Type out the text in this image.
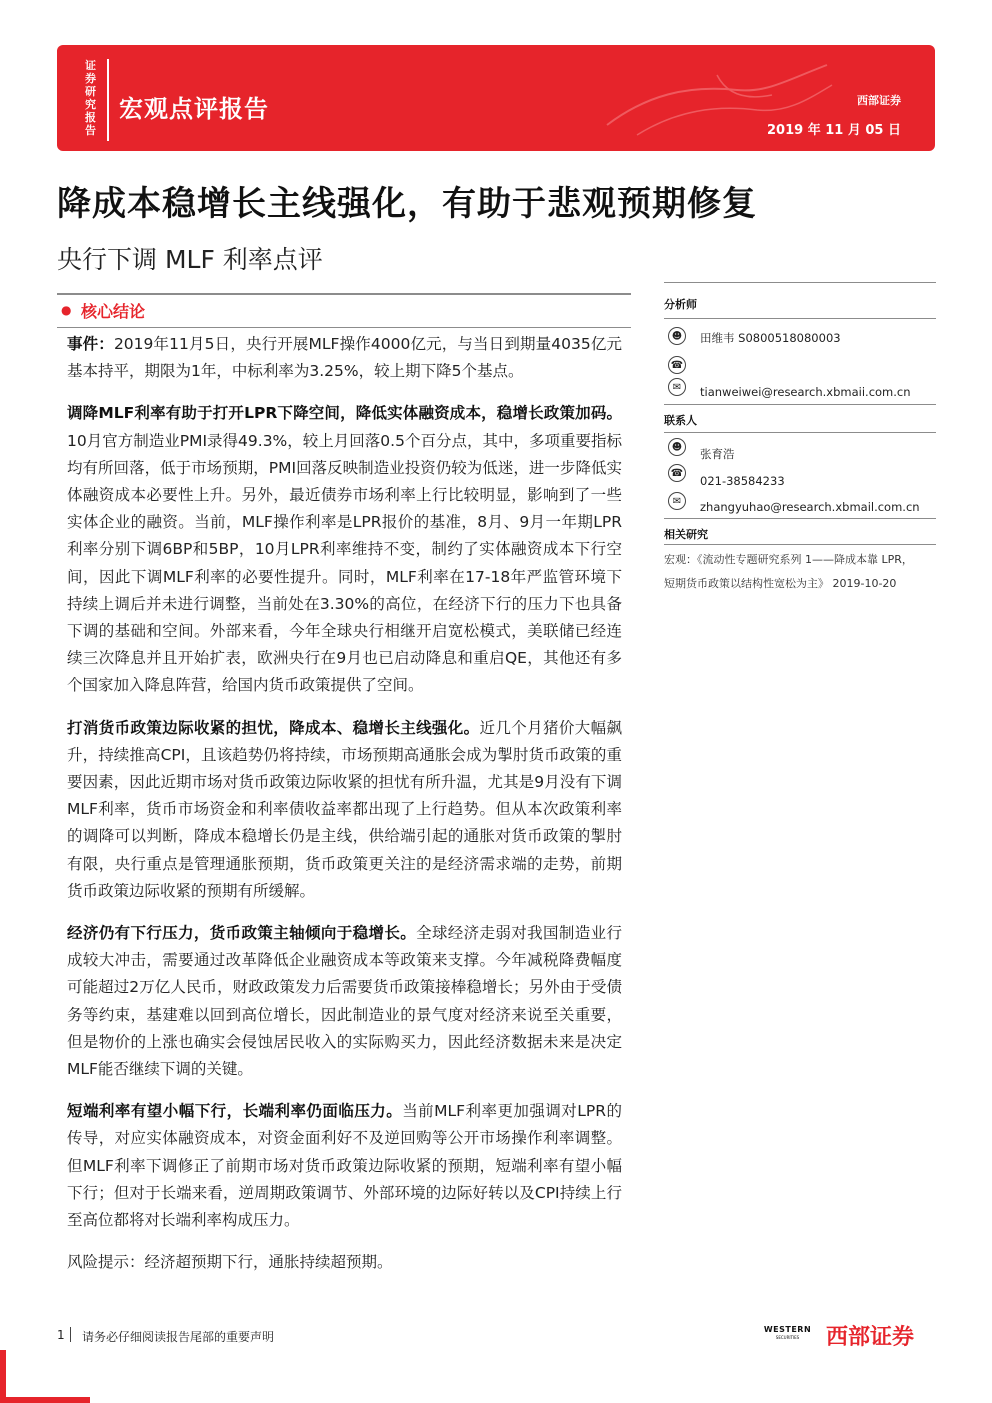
证券研究报告
宏观点评报告	西部证券
2019 年 11 月 05 日
降成本稳增长主线强化，有助于悲观预期修复
央行下调 MLF 利率点评
● 核心结论

事件：2019年11月5日，央行开展MLF操作4000亿元，与当日到期量4035亿元基本持平，期限为1年，中标利率为3.25%，较上期下降5个基点。

调降MLF利率有助于打开LPR下降空间，降低实体融资成本，稳增长政策加码。10月官方制造业PMI录得49.3%，较上月回落0.5个百分点，其中，多项重要指标均有所回落，低于市场预期，PMI回落反映制造业投资仍较为低迷，进一步降低实体融资成本必要性上升。另外，最近债券市场利率上行比较明显，影响到了一些实体企业的融资。当前，MLF操作利率是LPR报价的基准，8月、9月一年期LPR利率分别下调6BP和5BP，10月LPR利率维持不变，制约了实体融资成本下行空间，因此下调MLF利率的必要性提升。同时，MLF利率在17-18年严监管环境下持续上调后并未进行调整，当前处在3.30%的高位，在经济下行的压力下也具备下调的基础和空间。外部来看，今年全球央行相继开启宽松模式，美联储已经连续三次降息并且开始扩表，欧洲央行在9月也已启动降息和重启QE，其他还有多个国家加入降息阵营，给国内货币政策提供了空间。

打消货币政策边际收紧的担忧，降成本、稳增长主线强化。近几个月猪价大幅飙升，持续推高CPI，且该趋势仍将持续，市场预期高通胀会成为掣肘货币政策的重要因素，因此近期市场对货币政策边际收紧的担忧有所升温，尤其是9月没有下调MLF利率，货币市场资金和利率债收益率都出现了上行趋势。但从本次政策利率的调降可以判断，降成本稳增长仍是主线，供给端引起的通胀对货币政策的掣肘有限，央行重点是管理通胀预期，货币政策更关注的是经济需求端的走势，前期货币政策边际收紧的预期有所缓解。

经济仍有下行压力，货币政策主轴倾向于稳增长。全球经济走弱对我国制造业行成较大冲击，需要通过改革降低企业融资成本等政策来支撑。今年减税降费幅度可能超过2万亿人民币，财政政策发力后需要货币政策接棒稳增长；另外由于受债务等约束，基建难以回到高位增长，因此制造业的景气度对经济来说至关重要，但是物价的上涨也确实会侵蚀居民收入的实际购买力，因此经济数据未来是决定MLF能否继续下调的关键。

短端利率有望小幅下行，长端利率仍面临压力。当前MLF利率更加强调对LPR的传导，对应实体融资成本，对资金面利好不及逆回购等公开市场操作利率调整。但MLF利率下调修正了前期市场对货币政策边际收紧的预期，短端利率有望小幅下行；但对于长端来看，逆周期政策调节、外部环境的边际好转以及CPI持续上行至高位都将对长端利率构成压力。

风险提示：经济超预期下行，通胀持续超预期。

分析师
☻	田维韦 S0800518080003
☎
✉	tianweiwei@research.xbmaii.com.cn
联系人
☻	张育浩
☎
021-38584233
✉	zhangyuhao@research.xbmail.com.cn
相关研究
宏观：《流动性专题研究系列 1——降成本靠 LPR，
短期货币政策以结构性宽松为主》 2019-10-20
1 请务必仔细阅读报告尾部的重要声明
WESTERN
SECURITIES	西部证券
